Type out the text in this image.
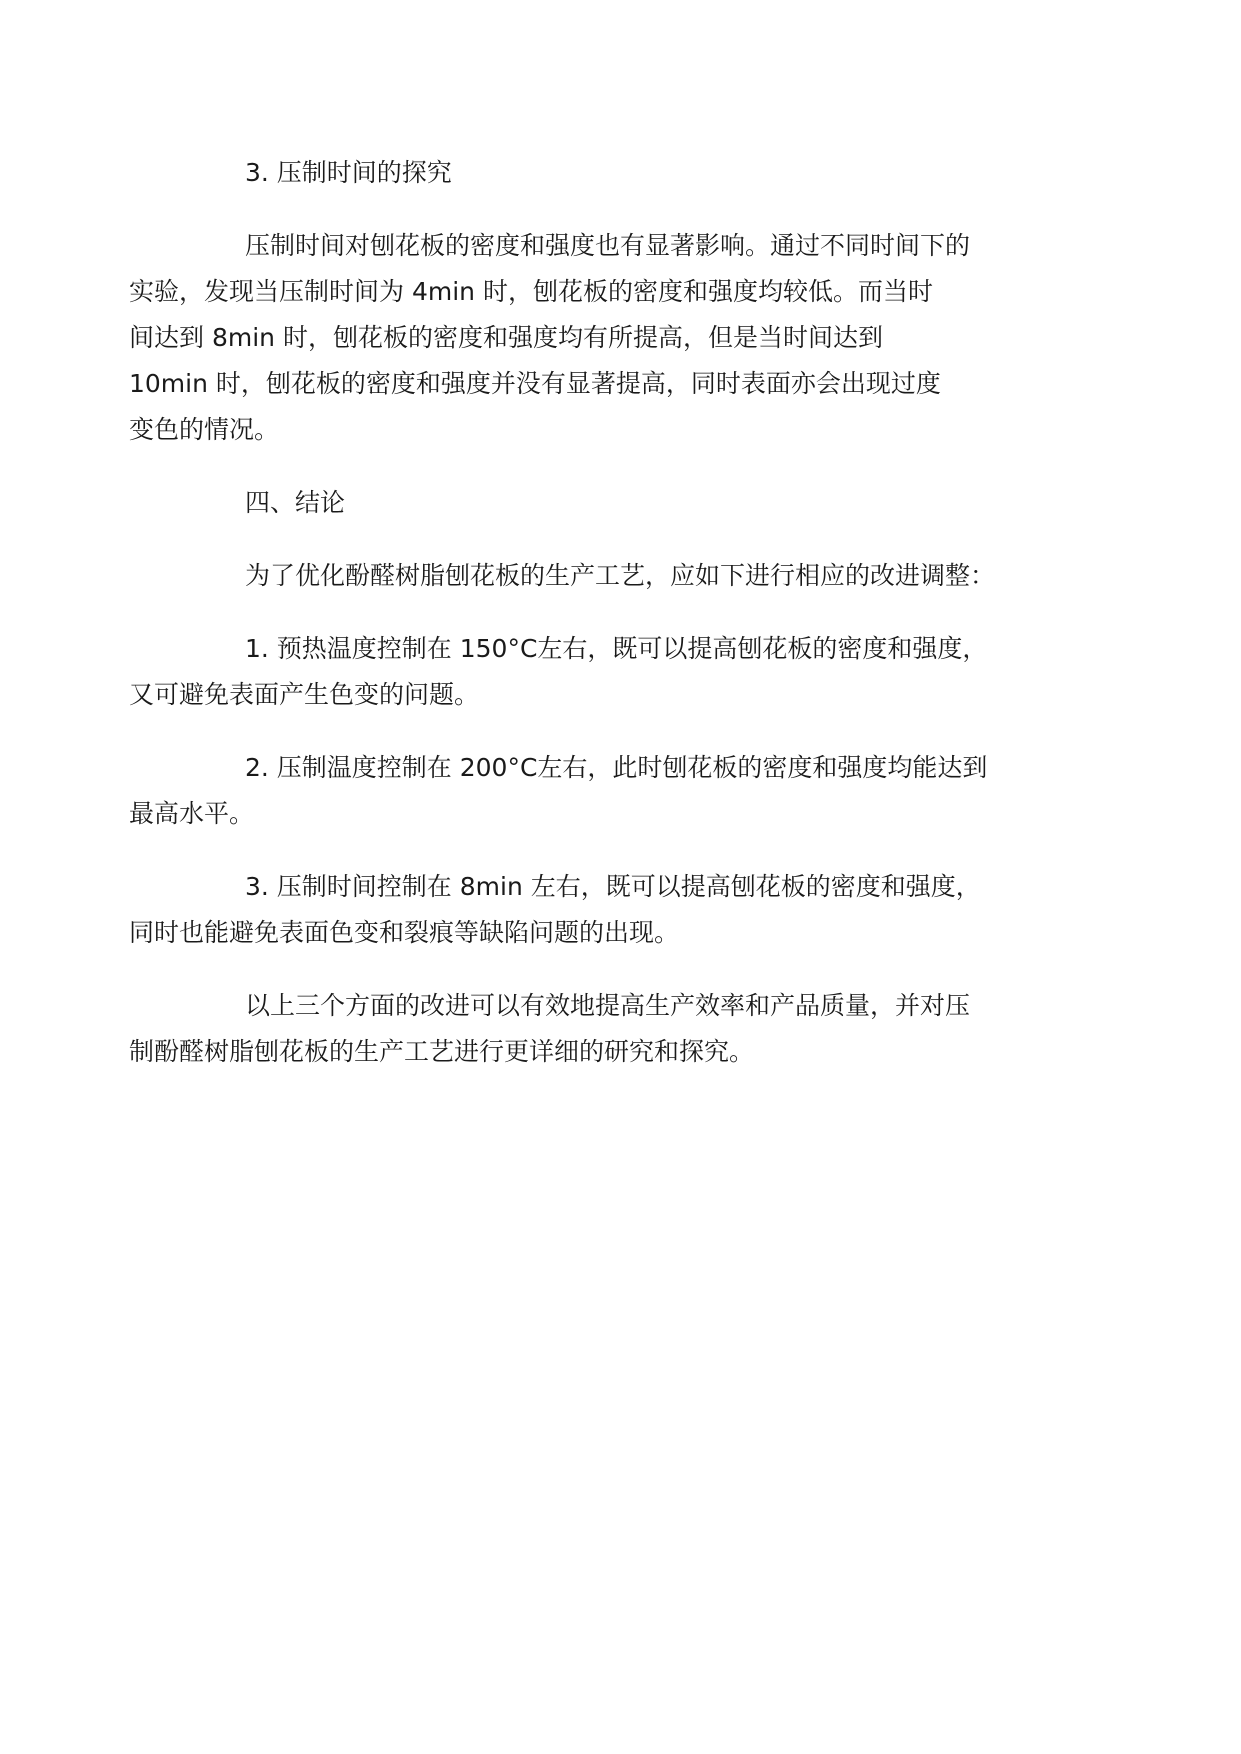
3. 压制时间的探究

压制时间对刨花板的密度和强度也有显著影响。通过不同时间下的
实验，发现当压制时间为 4min 时，刨花板的密度和强度均较低。而当时
间达到 8min 时，刨花板的密度和强度均有所提高，但是当时间达到
10min 时，刨花板的密度和强度并没有显著提高，同时表面亦会出现过度
变色的情况。

四、结论

为了优化酚醛树脂刨花板的生产工艺，应如下进行相应的改进调整：

1. 预热温度控制在 150°C左右，既可以提高刨花板的密度和强度，
又可避免表面产生色变的问题。

2. 压制温度控制在 200°C左右，此时刨花板的密度和强度均能达到
最高水平。

3. 压制时间控制在 8min 左右，既可以提高刨花板的密度和强度，
同时也能避免表面色变和裂痕等缺陷问题的出现。

以上三个方面的改进可以有效地提高生产效率和产品质量，并对压
制酚醛树脂刨花板的生产工艺进行更详细的研究和探究。
